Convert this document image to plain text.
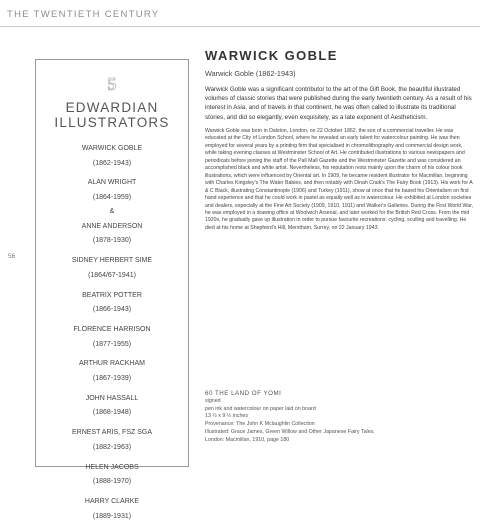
THE TWENTIETH CENTURY
56
5
EDWARDIAN
ILLUSTRATORS
WARWICK GOBLE
(1862-1943)
ALAN WRIGHT
(1864-1959)
&
ANNE ANDERSON
(1878-1930)
SIDNEY HERBERT SIME
(1864/67-1941)
BEATRIX POTTER
(1866-1943)
FLORENCE HARRISON
(1877-1955)
ARTHUR RACKHAM
(1867-1939)
JOHN HASSALL
(1868-1948)
ERNEST ARIS, FSZ SGA
(1882-1963)
HELEN JACOBS
(1888-1970)
HARRY CLARKE
(1889-1931)
WARWICK GOBLE
Warwick Goble (1862-1943)

Warwick Goble was a significant contributor to the art of the Gift Book, the beautiful illustrated volumes of classic stories that were published during the early twentieth century. As a result of his interest in Asia, and of travels in that continent, he was often called to illustrate its traditional stories, and did so elegantly, even exquisitely, as a late exponent of Aestheticism.

Warwick Goble was born in Dalston, London, on 22 October 1862, the son of a commercial traveller. He was educated at the City of London School, where he revealed an early talent for watercolour painting. He was then employed for several years by a printing firm that specialised in chromolithography and commercial design work, while taking evening classes at Westminster School of Art. He contributed illustrations to various newspapers and periodicals before joining the staff of the Pall Mall Gazette and the Westminster Gazette and was considered an accomplished black and white artist. Nevertheless, his reputation rests mainly upon the charm of his colour book illustrations, which were influenced by Oriental art. In 1909, he became resident illustrator for Macmillan, beginning with Charles Kingsley's The Water Babies, and then notably with Dinah Craik's The Fairy Book (1913). His work for A & C Black, illustrating Constantinople (1906) and Turkey (1911), show at once that he based his Orientalism on first hand experience and that he could work in pastel as equally well as in watercolour. He exhibited at London societies and dealers, especially at the Fine Art Society (1909, 1910, 1911) and Walker's Galleries. During the First World War, he was employed in a drawing office at Woolwich Arsenal, and later worked for the British Red Cross. From the mid 1920s, he gradually gave up illustration in order to pursue favourite recreations: cycling, sculling and travelling. He died at his home at Shepherd's Hill, Merstham, Surrey, on 22 January 1943.

60 THE LAND OF YOMI
signed
pen ink and watercolour on paper laid on board
13 ½ x 9 ½ inches
Provenance: The John K Mclaughlin Collection
Illustrated: Grace James, Green Willow and Other Japanese Fairy Tales,
London: Macmillan, 1910, page 180
